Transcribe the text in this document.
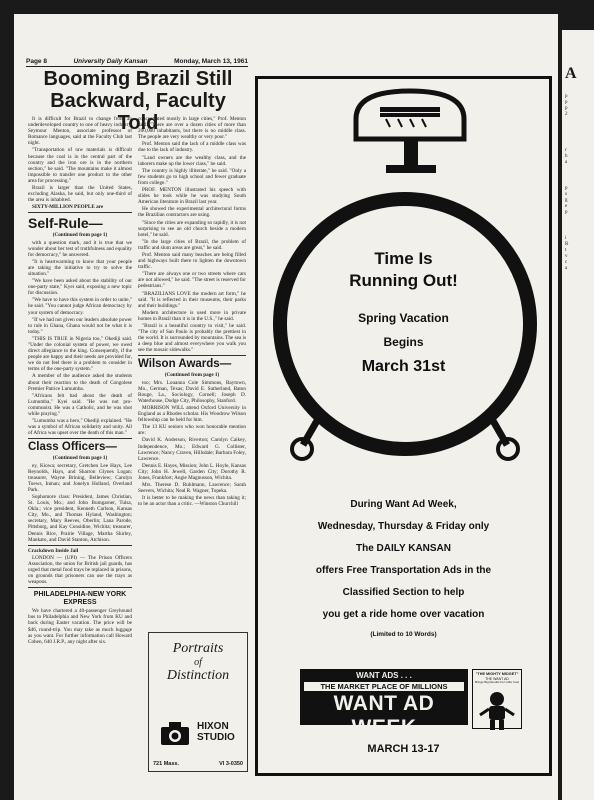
Page 8	University Daily Kansan	Monday, March 13, 1961
Booming Brazil Still Backward, Faculty Told

It is difficult for Brazil to change from an underdeveloped country to one of heavy industry, Seymour Menton, associate professor of Romance languages, said at the Faculty Club last night.

"Transportation of raw materials is difficult because the coal is in the central part of the country and the iron ore is in the northern section," he said. "The mountains make it almost impossible to transfer one product to the other area for processing."

Brazil is larger than the United States, excluding Alaska, he said, but only one-third of the area is inhabited.

SIXTY-MILLION PEOPLE are

Self-Rule—

(Continued from page 1)

with a question mark, and it is true that we wonder about her test of truthfulness and equality for democracy," he answered.

"It is heartwarming to know that your people are taking the initiative to try to solve the situation."

"We have been asked about the stability of our one-party state," Kyei said, exposing a new topic for discussion.

"We have to have this system in order to unite," he said. "You cannot judge African democracy by your system of democracy.

"If we had not given our leaders absolute power to rule in Ghana, Ghana would not be what it is today."

"THIS IS TRUE in Nigeria too," Okediji said. "Under the colonial system of power, we owed direct allegiance to the king. Consequently, if the people are happy and their needs are provided for, we do not feel there is a problem to consider in terms of the one-party system."

A member of the audience asked the students about their reaction to the death of Congolese Premier Patrice Lumumba.

"Africans felt bad about the death of Lumumba," Kyei said. "He was not pro-communist. He was a Catholic, and he was shot while praying."

"Lumumba was a hero," Okediji explained. "He was a symbol of African solidarity and unity. All of Africa was upset over the death of this man."

Class Officers—

(Continued from page 1)

ey, Kiowa; secretary, Gretchen Lee Hays, Lee Reynolds, Hays, and Sharron Glynes Logan; treasurer, Wayne Brining, Belleview; Carolyn Toews, Inman; and Jonelyn Holland, Overland Park.

Sophomore class: President, James Christian, St. Louis, Mo.; and John Bumgarner, Tulsa, Okla.; vice president, Kenneth Carlson, Kansas City, Mo., and Thomas Hyland, Washington; secretary, Mary Reeves, Oberlin; Lana Parode, Pittsburg, and Kay Considine, Wichita; treasurer, Dennis Rice, Prairie Village, Martha Shirley, Mankato, and David Stanton, Atchison.

Crackdown Inside Jail

LONDON — (UPI) — The Prison Officers Association, the union for British jail guards, has urged that metal food trays be replaced in prisons, on grounds that prisoners can use the trays as weapons.

PHILADELPHIA-NEW YORK EXPRESS

We have chartered a 40-passenger Greyhound bus to Philadelphia and New York from KU and back during Easter vacation. The price will be $46, round-trip. You may take as much luggage as you want. For further information call Howard Cohen, 640 J.R.P., any night after six.

concentrated mostly in large cities," Prof. Menton said. "There are over a dozen cities of more than 200,000 inhabitants, but there is no middle class. The people are very wealthy or very poor."

Prof. Menton said the lack of a middle class was due to the lack of industry.

"Land owners are the wealthy class, and the laborers make up the lower class," he said.

The country is highly illiterate," he said. "Only a few students go to high school and fewer graduate from college."

PROF. MENTON illustrated his speech with slides he took while he was studying South American literature in Brazil last year.

He showed the experimental architectural forms the Brazilian contractors are using.

"Since the cities are expanding so rapidly, it is not surprising to see an old church beside a modern hotel," he said.

"In the large cities of Brazil, the problem of traffic and slum areas are great," he said.

Prof. Menton said many beaches are being filled and highways built there to lighten the downtown traffic.

"There are always one or two streets where cars are not allowed," he said. "The street is reserved for pedestrians."

"BRAZILIANS LOVE the modern art form," he said. "It is reflected in their museums, their parks and their buildings."

Modern architecture is used more in private homes in Brazil than it is in the U.S.," he said.

"Brazil is a beautiful country to visit," he said. "The city of San Paulo is probably the prettiest in the world. It is surrounded by mountains. The sea is a deep blue and almost everywhere you walk you see the mosaic sidewalks."

Wilson Awards—

(Continued from page 1)

too; Mrs. Louanna Cole Simmons, Raytown, Mo., German, Texas; David E. Sutherland, Baton Rouge, La., Sociology, Cornell; Joseph D. Waterhouse, Dodge City, Philosophy, Stanford.

MORRISON WILL attend Oxford University in England as a Rhodes scholar. His Woodrow Wilson fellowship can be held for him.

The 13 KU seniors who won honorable mention are:

David K. Anderson, Riverton; Carolyn Caikey, Independence, Mo.; Edward G. Collister, Lawrence; Nancy Craven, Hillsdale; Barbara Foley, Lawrence.

Dennis E. Hayes, Mission; John L. Hoyle, Kansas City; John H. Jewell, Garden City; Dorothy R. Jones, Frankfort; Angie Magnusson, Wichita.

Mrs. Therese D. Ruhlmann, Lawrence; Sarah Seevers, Wichita; Neal R. Wagner, Topeka.

It is better to be making the news than taking it; to be an actor than a critic. —Winston Churchill

Portraits
of
Distinction
HIXON
STUDIO
721 Mass.	VI 3-0350
Time Is
Running Out!
Spring Vacation
Begins
March 31st
During Want Ad Week,
Wednesday, Thursday & Friday only
The DAILY KANSAN
offers Free Transportation Ads in the
Classified Section to help
you get a ride home over vacation
(Limited to 10 Words)
WANT ADS . . .
THE MARKET PLACE OF MILLIONS
WANT AD WEEK
"THE MIGHTY MIDGET"
THE WANT AD
Brings Big Results For Little Cost
MARCH 13-17
A
p
p
p
2
r
h
a
p
s
g
e
p
i
R
t
v
c
a
